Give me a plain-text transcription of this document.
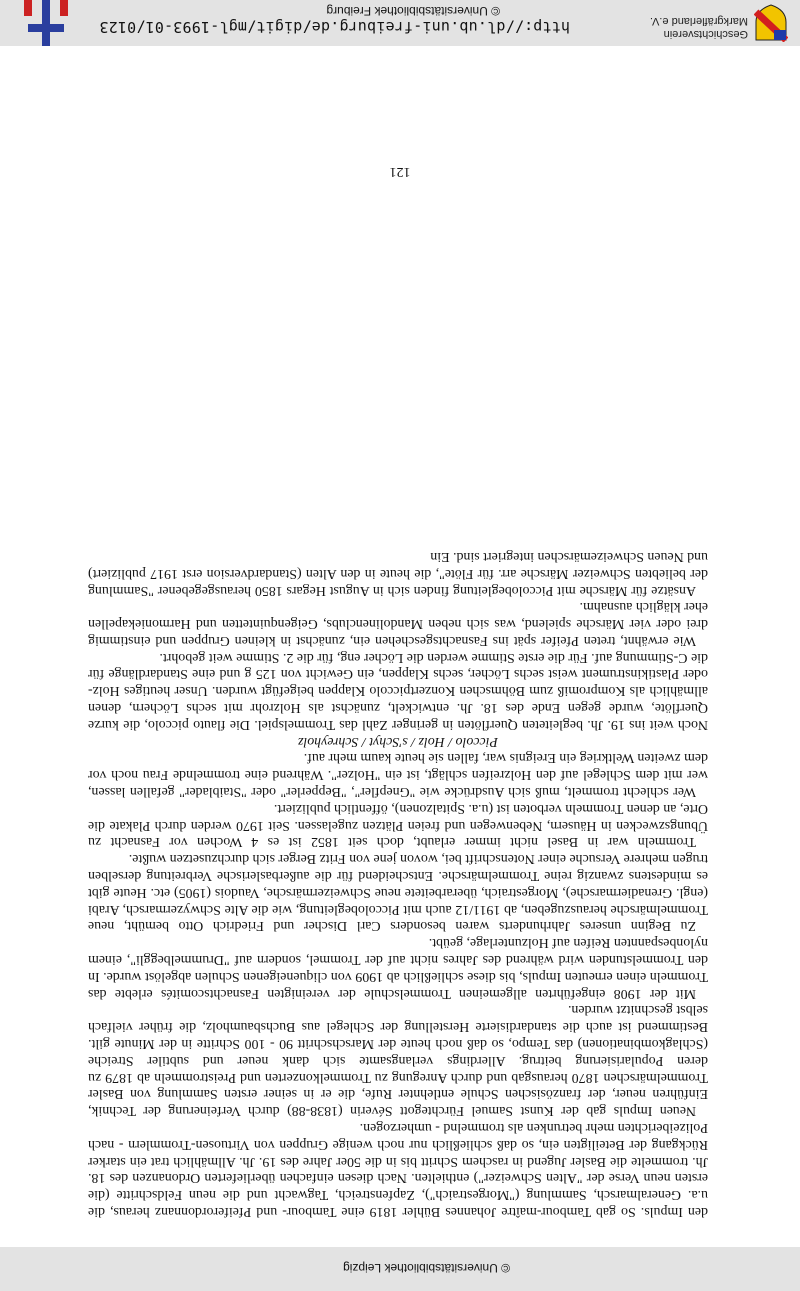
Geschichtsverein
Markgräflerland e.V.
http://dl.ub.uni-freiburg.de/digit/mgl-1993-01/0123
© Universitätsbibliothek Freiburg
© Universitätsbibliothek Leipzig

den Impuls. So gab Tambour-maître Johannes Bühler 1819 eine Tambour- und Pfeiferordonnanz heraus, die u.a. Generalmarsch, Sammlung ("Morgestraich"), Zapfenstreich, Tagwacht und die neun Feldschritte (die ersten neun Verse der "Alten Schweizer") enthielten. Nach diesen einfachen überlieferten Ordonanzen des 18. Jh. trommelte die Basler Jugend in raschem Schritt bis in die 50er Jahre des 19. Jh. Allmählich trat ein starker Rückgang der Beteiligten ein, so daß schließlich nur noch wenige Gruppen von Virtuosen-Trommlern - nach Polizeiberichten mehr betrunken als trommelnd - umherzogen.

Neuen Impuls gab der Kunst Samuel Fürchtegott Séverin (1838-88) durch Verfeinerung der Technik, Einführen neuer, der französischen Schule entlehnter Rufe, die er in seiner ersten Sammlung von Basler Trommelmärschen 1870 herausgab und durch Anregung zu Trommelkonzerten und Preistrommeln ab 1879 zu deren Popularisierung beitrug. Allerdings verlangsamte sich dank neuer und subtiler Streiche (Schlagkombinationen) das Tempo, so daß noch heute der Marschschritt 90 - 100 Schritte in der Minute gilt. Bestimmend ist auch die standardisierte Herstellung der Schlegel aus Buchsbaumholz, die früher vielfach selbst geschnitzt wurden.

Mit der 1908 eingeführten allgemeinen Trommelschule der vereinigten Fasnachtscomités erlebte das Trommeln einen erneuten Impuls, bis diese schließlich ab 1909 von cliqueneigenen Schulen abgelöst wurde. In den Trommelstunden wird während des Jahres nicht auf der Trommel, sondern auf "Drummelbeggli", einem nylonbespannten Reifen auf Holzunterlage, geübt.

Zu Beginn unseres Jahrhunderts waren besonders Carl Discher und Friedrich Otto bemüht, neue Trommelmärsche herauszugeben, ab 1911/12 auch mit Piccolobegleitung, wie die Alte Schwyzermarsch, Arabi (engl. Grenadiermarsche), Morgestraich, überarbeitete neue Schweizermärsche, Vaudois (1905) etc. Heute gibt es mindestens zwanzig reine Trommelmärsche. Entscheidend für die außerbaslerische Verbreitung derselben trugen mehrere Versuche einer Notenschrift bei, wovon jene von Fritz Berger sich durchzusetzen wußte.

Trommeln war in Basel nicht immer erlaubt, doch seit 1852 ist es 4 Wochen vor Fasnacht zu Übungszwecken in Häusern, Nebenwegen und freien Plätzen zugelassen. Seit 1970 werden durch Plakate die Orte, an denen Trommeln verboten ist (u.a. Spitalzonen), öffentlich publiziert.

Wer schlecht trommelt, muß sich Ausdrücke wie "Gnepfler", "Bepperler" oder "Staiblader" gefallen lassen, wer mit dem Schlegel auf den Holzreifen schlägt, ist ein "Holzer". Während eine trommelnde Frau noch vor dem zweiten Weltkrieg ein Ereignis war, fallen sie heute kaum mehr auf.

Piccolo / Holz / s'Schyt / Schreyholz

Noch weit ins 19. Jh. begleiteten Querflöten in geringer Zahl das Trommelspiel. Die flauto piccolo, die kurze Querflöte, wurde gegen Ende des 18. Jh. entwickelt, zunächst als Holzrohr mit sechs Löchern, denen allmählich als Kompromiß zum Böhmschen Konzertpiccolo Klappen beigefügt wurden. Unser heutiges Holz- oder Plastikinstrument weist sechs Löcher, sechs Klappen, ein Gewicht von 125 g und eine Standardlänge für die C-Stimmung auf. Für die erste Stimme werden die Löcher eng, für die 2. Stimme weit gebohrt.

Wie erwähnt, treten Pfeifer spät ins Fasnachtsgeschehen ein, zunächst in kleinen Gruppen und einstimmig drei oder vier Märsche spielend, was sich neben Mandolinenclubs, Geigenquintetten und Harmoniekapellen eher kläglich ausnahm.

Ansätze für Märsche mit Piccolobegleitung finden sich in August Hegars 1850 herausgegebener "Sammlung der beliebten Schweizer Märsche arr. für Flöte", die heute in den Alten (Standardversion erst 1917 publiziert) und Neuen Schweizemärschen integriert sind. Ein

121
